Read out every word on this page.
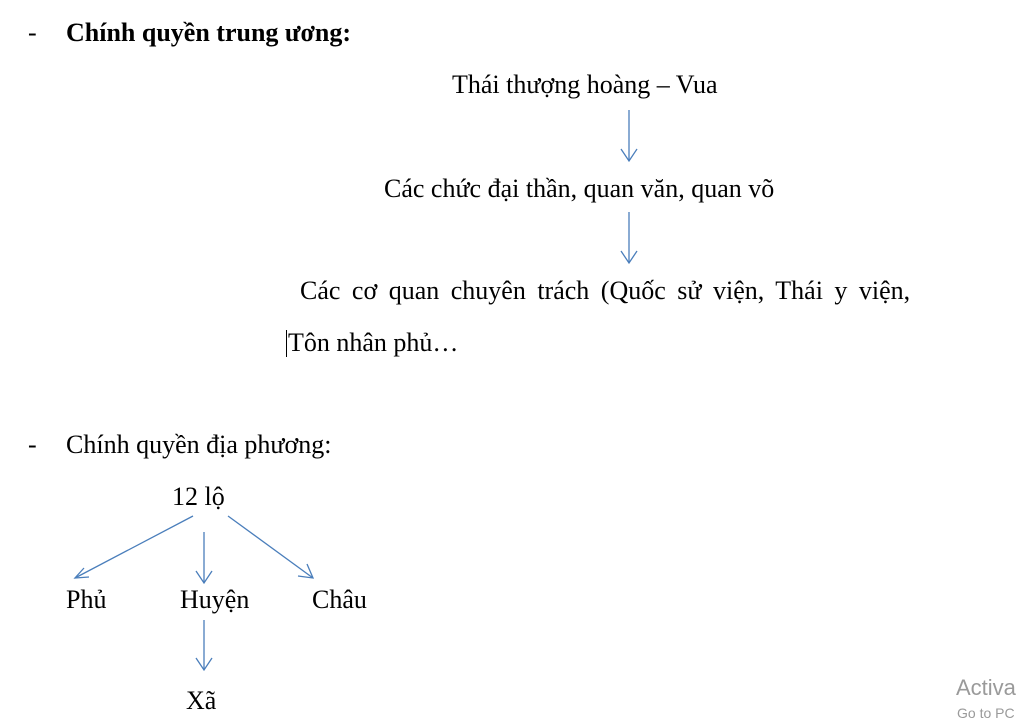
- Chính quyền trung ương:
Thái thượng hoàng – Vua
Các chức đại thần, quan văn, quan võ
Các cơ quan chuyên trách (Quốc sử viện, Thái y viện,
Tôn nhân phủ…
- Chính quyền địa phương:
12 lộ
Phủ	Huyện Châu
Xã	Activa
Go to PC
